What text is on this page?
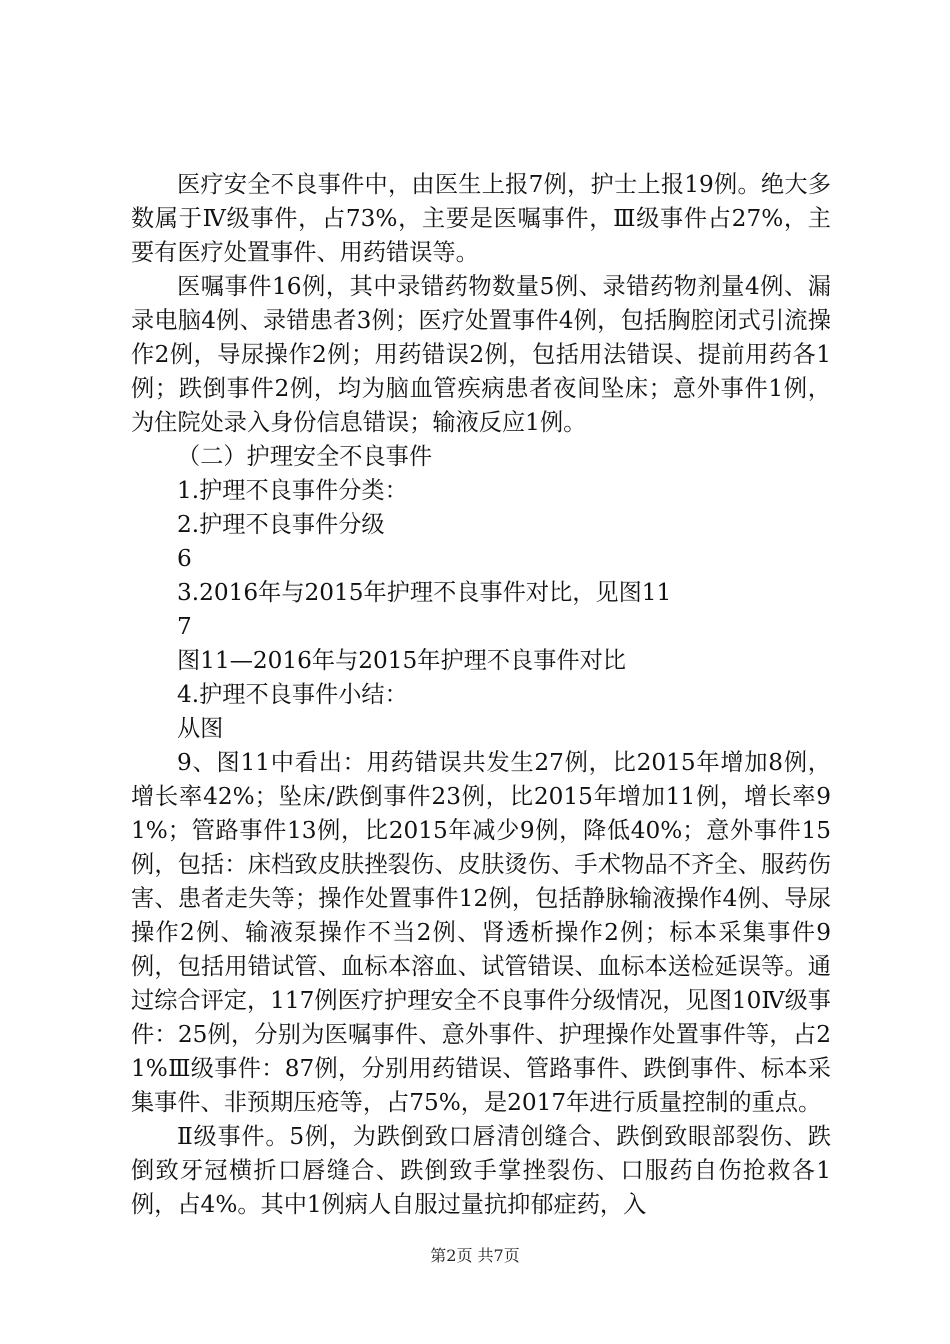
医疗安全不良事件中，由医生上报7例，护士上报19例。绝大多数属于Ⅳ级事件，占73%，主要是医嘱事件，Ⅲ级事件占27%，主要有医疗处置事件、用药错误等。

医嘱事件16例，其中录错药物数量5例、录错药物剂量4例、漏录电脑4例、录错患者3例；医疗处置事件4例，包括胸腔闭式引流操作2例，导尿操作2例；用药错误2例，包括用法错误、提前用药各1例；跌倒事件2例，均为脑血管疾病患者夜间坠床；意外事件1例，为住院处录入身份信息错误；输液反应1例。

（二）护理安全不良事件

1.护理不良事件分类：

2.护理不良事件分级

6

3.2016年与2015年护理不良事件对比，见图11

7

图11—2016年与2015年护理不良事件对比

4.护理不良事件小结：

从图

9、图11中看出：用药错误共发生27例，比2015年增加8例，增长率42%；坠床/跌倒事件23例，比2015年增加11例，增长率91%；管路事件13例，比2015年减少9例，降低40%；意外事件15例，包括：床档致皮肤挫裂伤、皮肤烫伤、手术物品不齐全、服药伤害、患者走失等；操作处置事件12例，包括静脉输液操作4例、导尿操作2例、输液泵操作不当2例、肾透析操作2例；标本采集事件9例，包括用错试管、血标本溶血、试管错误、血标本送检延误等。通过综合评定，117例医疗护理安全不良事件分级情况，见图10Ⅳ级事件：25例，分别为医嘱事件、意外事件、护理操作处置事件等，占21%Ⅲ级事件：87例，分别用药错误、管路事件、跌倒事件、标本采集事件、非预期压疮等，占75%，是2017年进行质量控制的重点。

Ⅱ级事件。5例，为跌倒致口唇清创缝合、跌倒致眼部裂伤、跌倒致牙冠横折口唇缝合、跌倒致手掌挫裂伤、口服药自伤抢救各1例，占4%。其中1例病人自服过量抗抑郁症药，入

第2页 共7页
